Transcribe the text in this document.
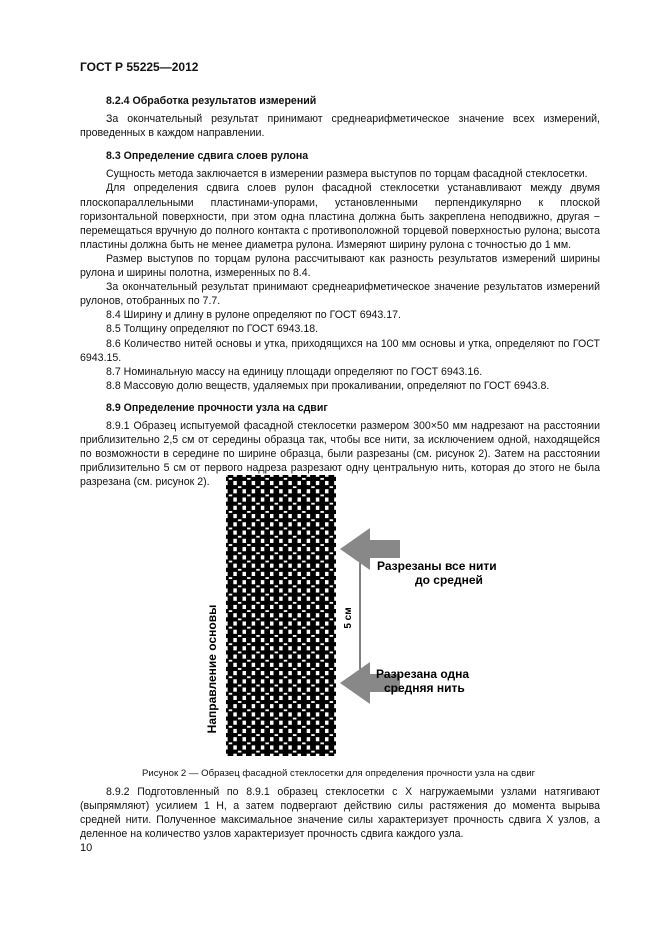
ГОСТ Р 55225—2012

8.2.4 Обработка результатов измерений

За окончательный результат принимают среднеарифметическое значение всех измерений, проведенных в каждом направлении.

8.3 Определение сдвига слоев рулона

Сущность метода заключается в измерении размера выступов по торцам фасадной стеклосетки.

Для определения сдвига слоев рулон фасадной стеклосетки устанавливают между двумя плоскопараллельными пластинами-упорами, установленными перпендикулярно к плоской горизонтальной поверхности, при этом одна пластина должна быть закреплена неподвижно, другая − перемещаться вручную до полного контакта с противоположной торцевой поверхностью рулона; высота пластины должна быть не менее диаметра рулона. Измеряют ширину рулона с точностью до 1 мм.

Размер выступов по торцам рулона рассчитывают как разность результатов измерений ширины рулона и ширины полотна, измеренных по 8.4.

За окончательный результат принимают среднеарифметическое значение результатов измерений рулонов, отобранных по 7.7.

8.4 Ширину и длину в рулоне определяют по ГОСТ 6943.17.

8.5 Толщину определяют по ГОСТ 6943.18.

8.6 Количество нитей основы и утка, приходящихся на 100 мм основы и утка, определяют по ГОСТ 6943.15.

8.7 Номинальную массу на единицу площади определяют по ГОСТ 6943.16.

8.8 Массовую долю веществ, удаляемых при прокаливании, определяют по ГОСТ 6943.8.

8.9 Определение прочности узла на сдвиг

8.9.1 Образец испытуемой фасадной стеклосетки размером 300×50 мм надрезают на расстоянии приблизительно 2,5 см от середины образца так, чтобы все нити, за исключением одной, находящейся по возможности в середине по ширине образца, были разрезаны (см. рисунок 2). Затем на расстоянии приблизительно 5 см от первого надреза разрезают одну центральную нить, которая до этого не была разрезана (см. рисунок 2).

Направление основы	5 см
Разрезаны все нити
до средней
Разрезана одна
средняя нить
Рисунок 2 — Образец фасадной стеклосетки для определения прочности узла на сдвиг

8.9.2 Подготовленный по 8.9.1 образец стеклосетки с X нагружаемыми узлами натягивают (выпрямляют) усилием 1 Н, а затем подвергают действию силы растяжения до момента вырыва средней нити. Полученное максимальное значение силы характеризует прочность сдвига X узлов, а деленное на количество узлов характеризует прочность сдвига каждого узла.

10
